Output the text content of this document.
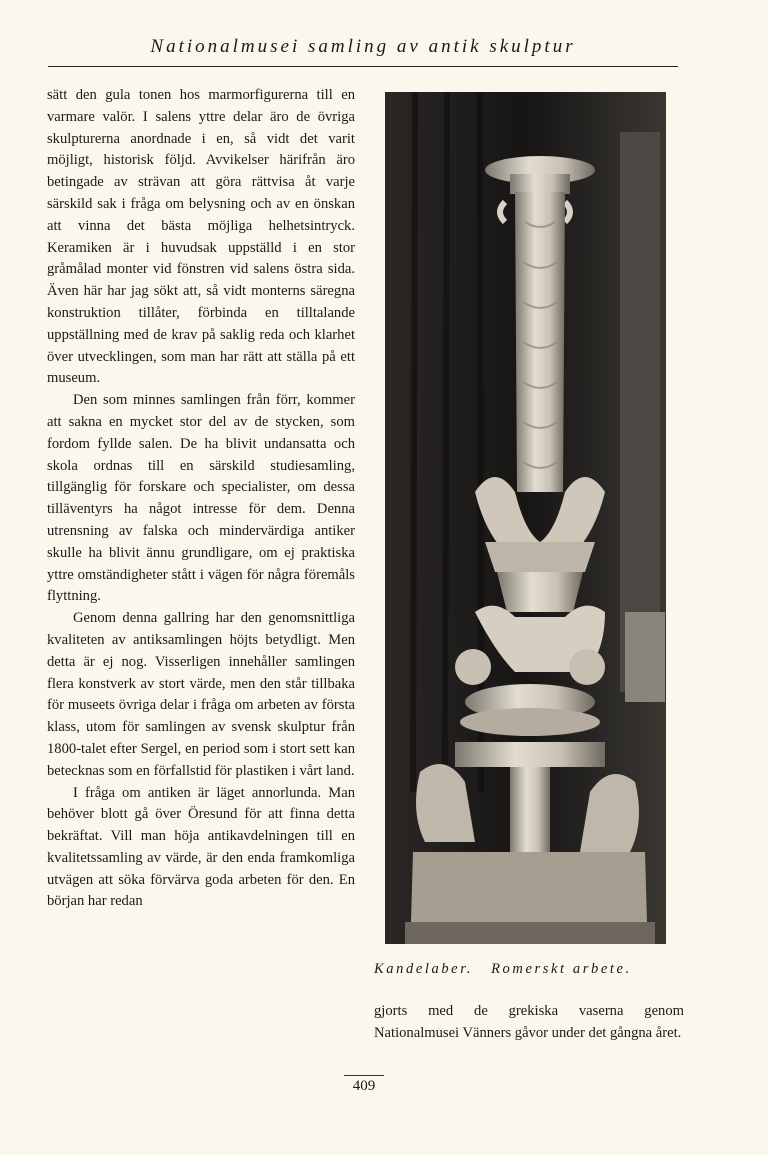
Nationalmusei samling av antik skulptur

sätt den gula tonen hos marmorfigurerna till en varmare valör. I salens yttre delar äro de övriga skulpturerna anordnade i en, så vidt det varit möjligt, historisk följd. Avvikelser härifrån äro betingade av strävan att göra rättvisa åt varje särskild sak i fråga om belysning och av en önskan att vinna det bästa möjliga helhetsintryck. Keramiken är i huvudsak uppställd i en stor gråmålad monter vid fönstren vid salens östra sida. Även här har jag sökt att, så vidt monterns säregna konstruktion tillåter, förbinda en tilltalande uppställning med de krav på saklig reda och klarhet över utvecklingen, som man har rätt att ställa på ett museum.

Den som minnes samlingen från förr, kommer att sakna en mycket stor del av de stycken, som fordom fyllde salen. De ha blivit undansatta och skola ordnas till en särskild studiesamling, tillgänglig för forskare och specialister, om dessa tilläventyrs ha något intresse för dem. Denna utrensning av falska och mindervärdiga antiker skulle ha blivit ännu grundligare, om ej praktiska yttre omständigheter stått i vägen för några föremåls flyttning.

Genom denna gallring har den genomsnittliga kvaliteten av antiksamlingen höjts betydligt. Men detta är ej nog. Visserligen innehåller samlingen flera konstverk av stort värde, men den står tillbaka för museets övriga delar i fråga om arbeten av första klass, utom för samlingen av svensk skulptur från 1800-talet efter Sergel, en period som i stort sett kan betecknas som en förfallstid för plastiken i vårt land.

I fråga om antiken är läget annorlunda. Man behöver blott gå över Öresund för att finna detta bekräftat. Vill man höja antikavdelningen till en kvalitetssamling av värde, är den enda framkomliga utvägen att söka förvärva goda arbeten för den. En början har redan

Kandelaber. Romerskt arbete.

gjorts med de grekiska vaserna genom Nationalmusei Vänners gåvor under det gångna året.

409
